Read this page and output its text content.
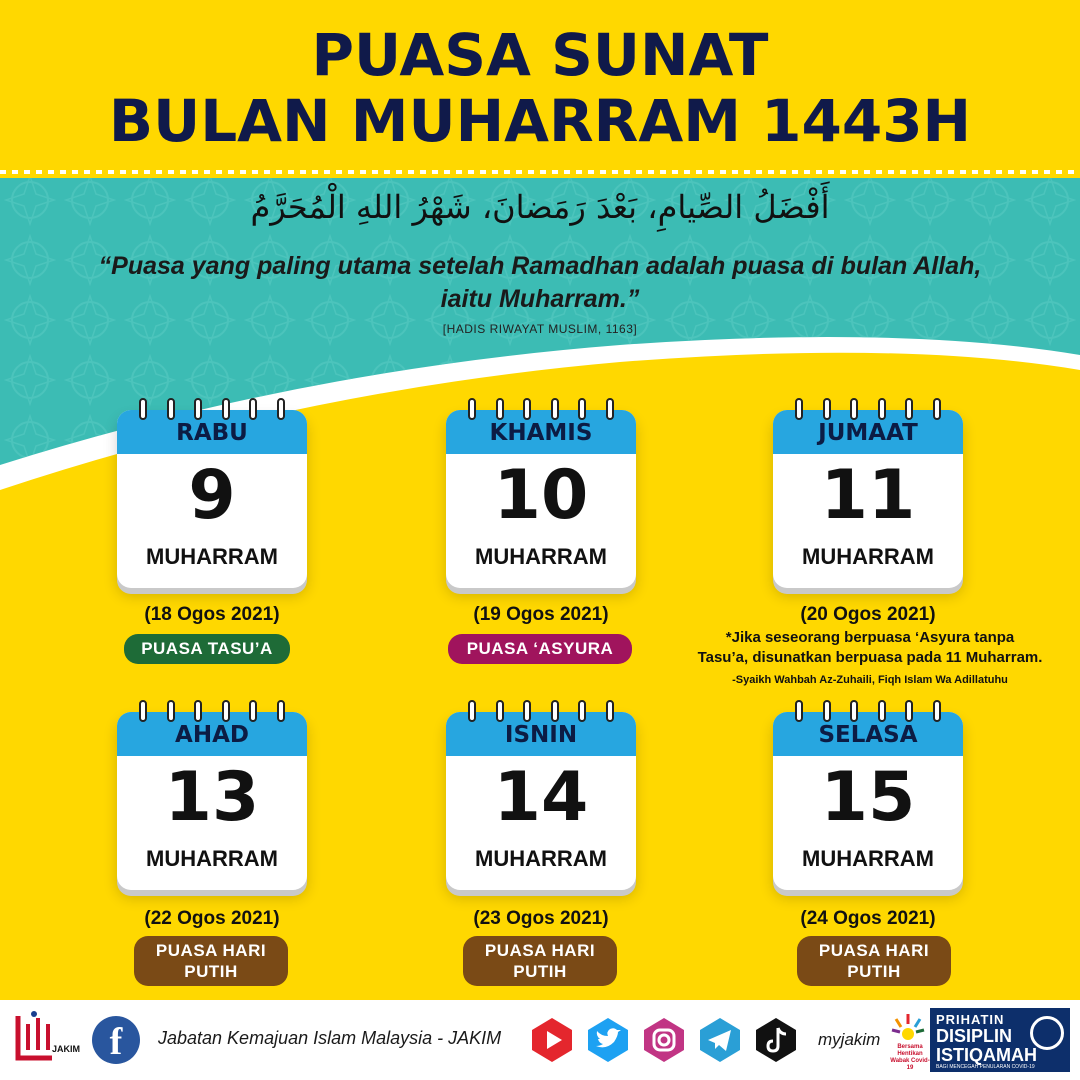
PUASA SUNAT
BULAN MUHARRAM 1443H
أَفْضَلُ الصِّيامِ، بَعْدَ رَمَضانَ، شَهْرُ اللهِ الْمُحَرَّمُ
“Puasa yang paling utama setelah Ramadhan adalah puasa di bulan Allah,
iaitu Muharram.”
[HADIS RIWAYAT MUSLIM, 1163]
RABU
9
MUHARRAM
KHAMIS
10
MUHARRAM
JUMAAT
11
MUHARRAM
(18 Ogos 2021)	(19 Ogos 2021)	(20 Ogos 2021)
PUASA TASU’A	PUASA ‘ASYURA
*Jika seseorang berpuasa ‘Asyura tanpa
Tasu’a, disunatkan berpuasa pada 11 Muharram.
-Syaikh Wahbah Az-Zuhaili, Fiqh Islam Wa Adillatuhu
AHAD
13
MUHARRAM
ISNIN
14
MUHARRAM
SELASA
15
MUHARRAM
(22 Ogos 2021)	(23 Ogos 2021)	(24 Ogos 2021)
PUASA HARI
PUTIH
PUASA HARI
PUTIH
PUASA HARI
PUTIH
JAKIM f	Jabatan Kemajuan Islam Malaysia - JAKIM	myjakim	Bersama Hentikan Wabak Covid-19
PRIHATIN
DISIPLIN
ISTIQAMAH
BAGI MENCEGAH PENULARAN COVID-19
